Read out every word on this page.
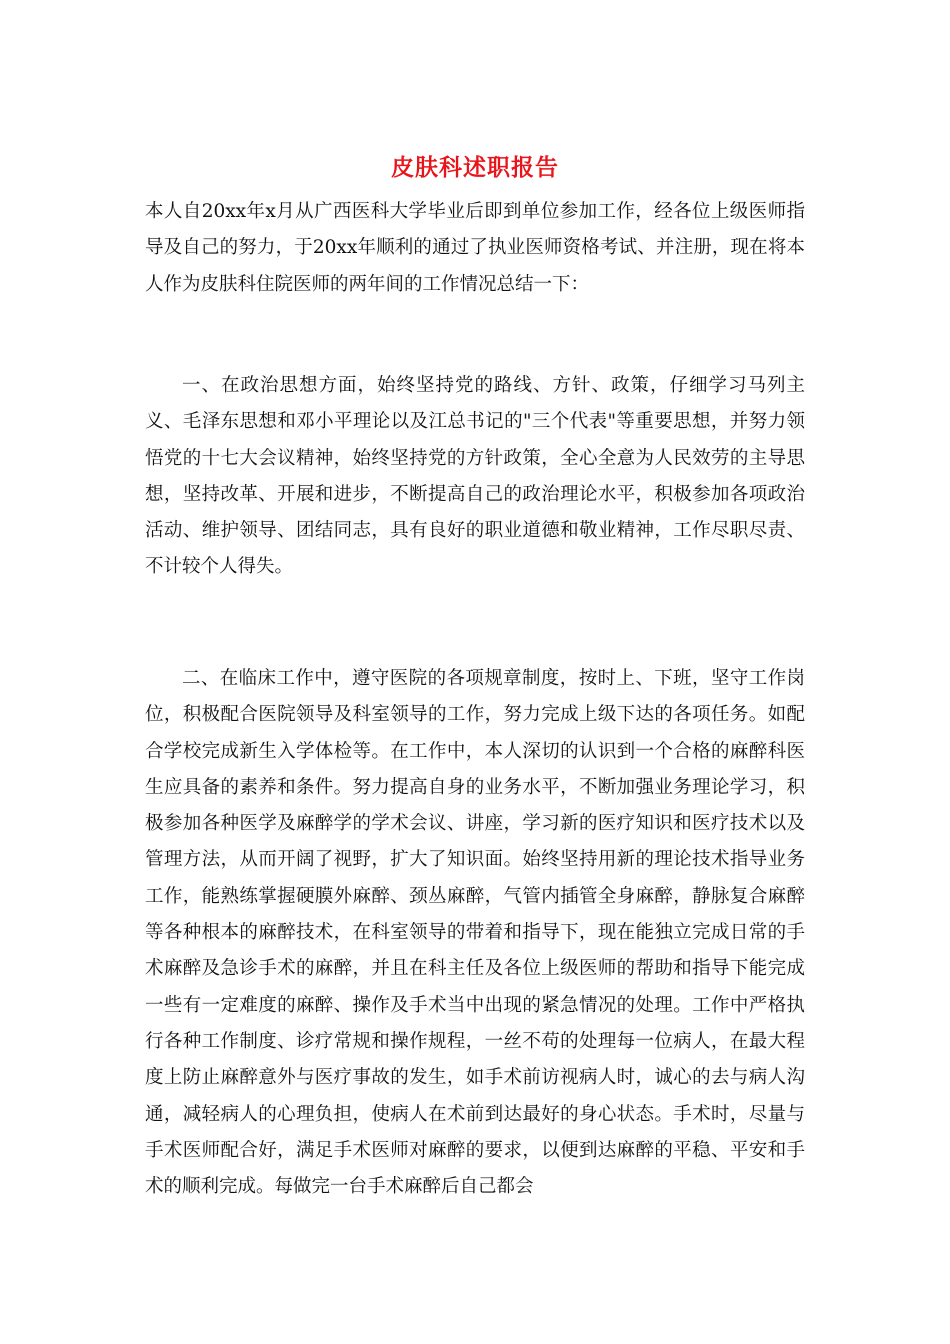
皮肤科述职报告

本人自20xx年x月从广西医科大学毕业后即到单位参加工作，经各位上级医师指导及自己的努力，于20xx年顺利的通过了执业医师资格考试、并注册，现在将本人作为皮肤科住院医师的两年间的工作情况总结一下：

一、在政治思想方面，始终坚持党的路线、方针、政策，仔细学习马列主义、毛泽东思想和邓小平理论以及江总书记的"三个代表"等重要思想，并努力领悟党的十七大会议精神，始终坚持党的方针政策，全心全意为人民效劳的主导思想，坚持改革、开展和进步，不断提高自己的政治理论水平，积极参加各项政治活动、维护领导、团结同志，具有良好的职业道德和敬业精神，工作尽职尽责、不计较个人得失。

二、在临床工作中，遵守医院的各项规章制度，按时上、下班，坚守工作岗位，积极配合医院领导及科室领导的工作，努力完成上级下达的各项任务。如配合学校完成新生入学体检等。在工作中，本人深切的认识到一个合格的麻醉科医生应具备的素养和条件。努力提高自身的业务水平，不断加强业务理论学习，积极参加各种医学及麻醉学的学术会议、讲座，学习新的医疗知识和医疗技术以及管理方法，从而开阔了视野，扩大了知识面。始终坚持用新的理论技术指导业务工作，能熟练掌握硬膜外麻醉、颈丛麻醉，气管内插管全身麻醉，静脉复合麻醉等各种根本的麻醉技术，在科室领导的带着和指导下，现在能独立完成日常的手术麻醉及急诊手术的麻醉，并且在科主任及各位上级医师的帮助和指导下能完成一些有一定难度的麻醉、操作及手术当中出现的紧急情况的处理。工作中严格执行各种工作制度、诊疗常规和操作规程，一丝不苟的处理每一位病人，在最大程度上防止麻醉意外与医疗事故的发生，如手术前访视病人时，诚心的去与病人沟通，减轻病人的心理负担，使病人在术前到达最好的身心状态。手术时，尽量与手术医师配合好，满足手术医师对麻醉的要求，以便到达麻醉的平稳、平安和手术的顺利完成。每做完一台手术麻醉后自己都会
